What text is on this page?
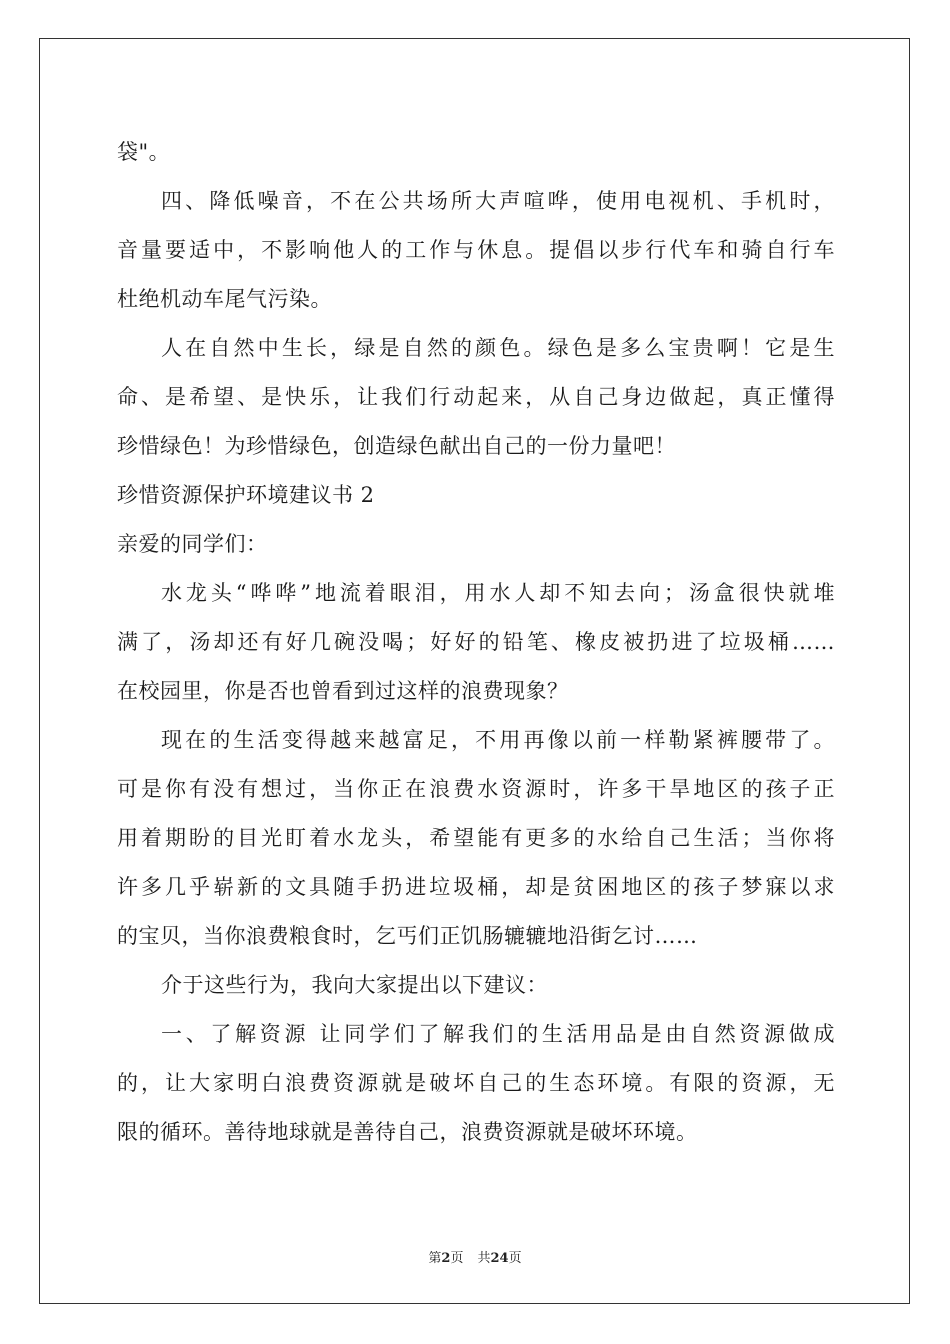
袋"。
四、降低噪音，不在公共场所大声喧哗，使用电视机、手机时，
音量要适中，不影响他人的工作与休息。提倡以步行代车和骑自行车
杜绝机动车尾气污染。
人在自然中生长，绿是自然的颜色。绿色是多么宝贵啊！它是生
命、是希望、是快乐，让我们行动起来，从自己身边做起，真正懂得
珍惜绿色！为珍惜绿色，创造绿色献出自己的一份力量吧！
珍惜资源保护环境建议书 2
亲爱的同学们：
水龙头“哗哗”地流着眼泪，用水人却不知去向；汤盒很快就堆
满了，汤却还有好几碗没喝；好好的铅笔、橡皮被扔进了垃圾桶……
在校园里，你是否也曾看到过这样的浪费现象？
现在的生活变得越来越富足，不用再像以前一样勒紧裤腰带了。
可是你有没有想过，当你正在浪费水资源时，许多干旱地区的孩子正
用着期盼的目光盯着水龙头，希望能有更多的水给自己生活；当你将
许多几乎崭新的文具随手扔进垃圾桶，却是贫困地区的孩子梦寐以求
的宝贝，当你浪费粮食时，乞丐们正饥肠辘辘地沿街乞讨……
介于这些行为，我向大家提出以下建议：
一、了解资源 让同学们了解我们的生活用品是由自然资源做成
的，让大家明白浪费资源就是破坏自己的生态环境。有限的资源，无
限的循环。善待地球就是善待自己，浪费资源就是破坏环境。
第2页 共24页
